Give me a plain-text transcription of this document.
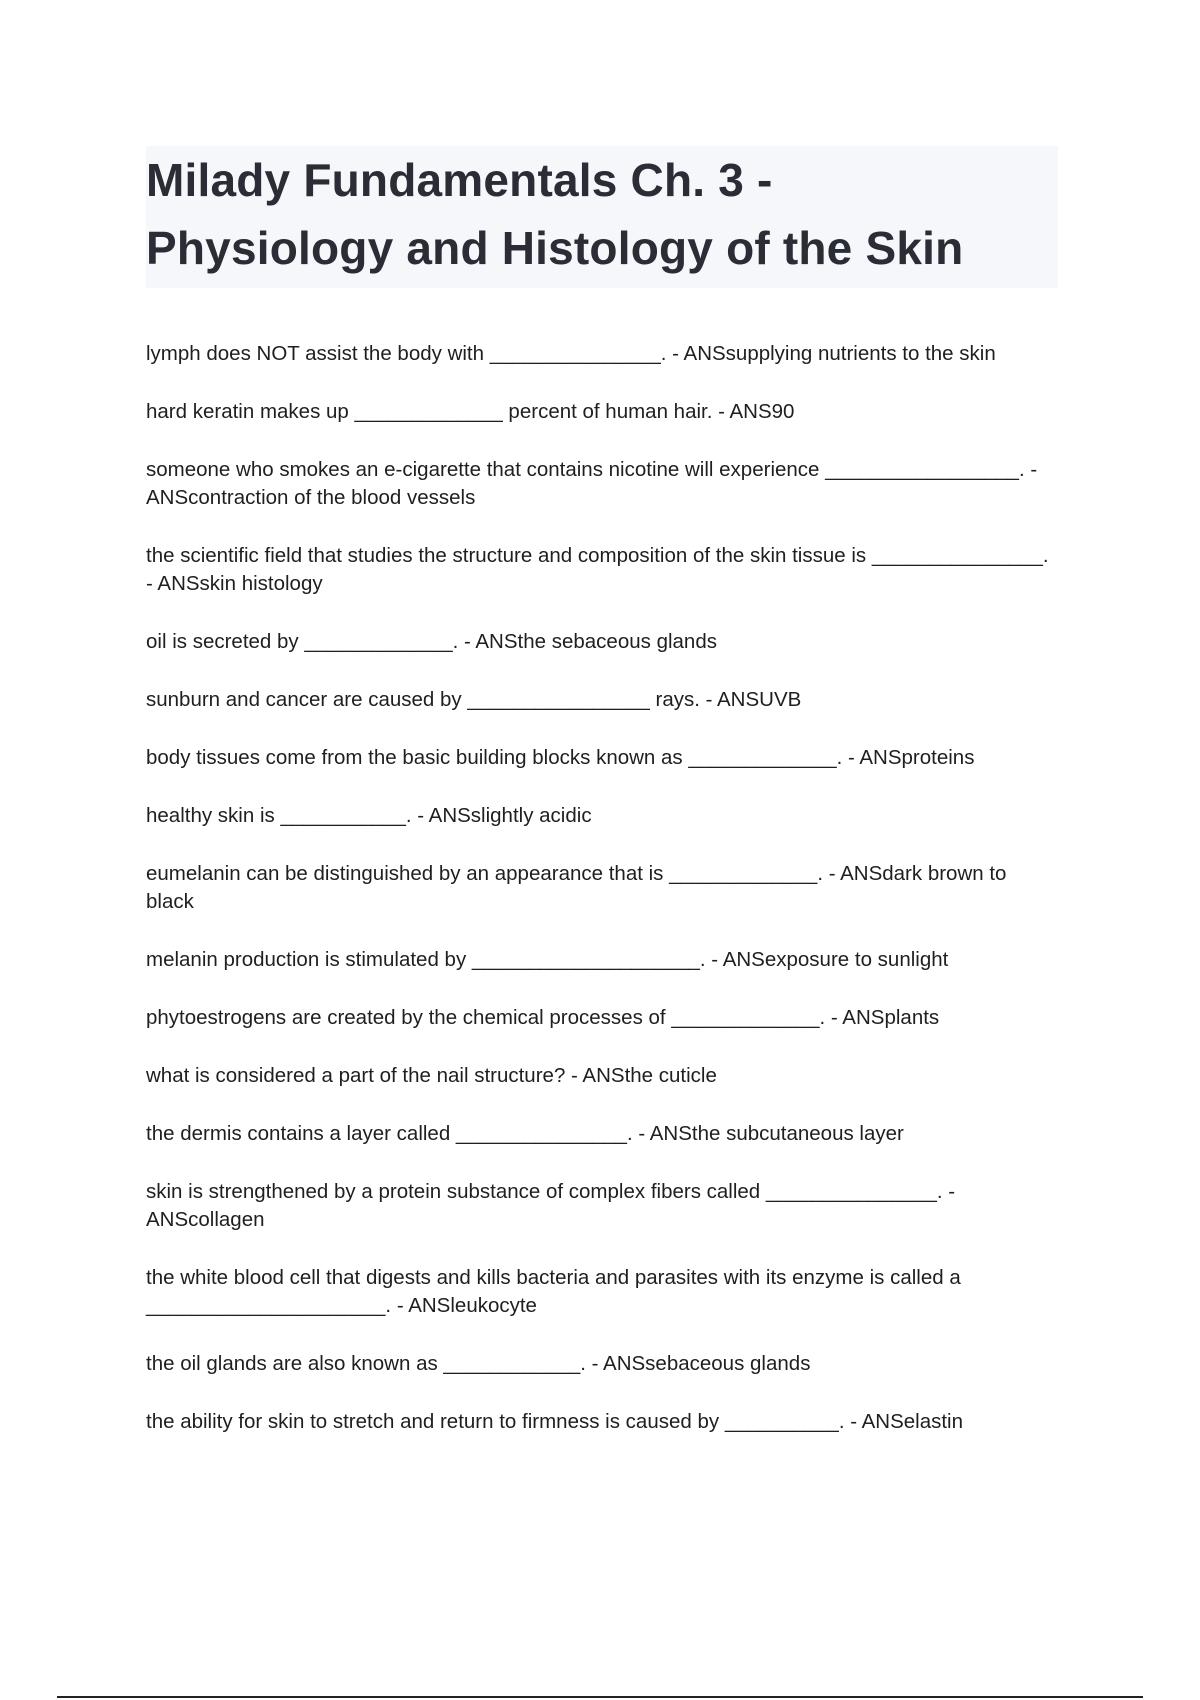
Milady Fundamentals Ch. 3 -
Physiology and Histology of the Skin

lymph does NOT assist the body with _______________. - ANSsupplying nutrients to the skin

hard keratin makes up _____________ percent of human hair. - ANS90

someone who smokes an e-cigarette that contains nicotine will experience _________________. - ANScontraction of the blood vessels

the scientific field that studies the structure and composition of the skin tissue is _______________. - ANSskin histology

oil is secreted by _____________. - ANSthe sebaceous glands

sunburn and cancer are caused by ________________ rays. - ANSUVB

body tissues come from the basic building blocks known as _____________. - ANSproteins

healthy skin is ___________. - ANSslightly acidic

eumelanin can be distinguished by an appearance that is _____________. - ANSdark brown to black

melanin production is stimulated by ____________________. - ANSexposure to sunlight

phytoestrogens are created by the chemical processes of _____________. - ANSplants

what is considered a part of the nail structure? - ANSthe cuticle

the dermis contains a layer called _______________. - ANSthe subcutaneous layer

skin is strengthened by a protein substance of complex fibers called _______________. - ANScollagen

the white blood cell that digests and kills bacteria and parasites with its enzyme is called a _____________________. - ANSleukocyte

the oil glands are also known as ____________. - ANSsebaceous glands

the ability for skin to stretch and return to firmness is caused by __________. - ANSelastin
